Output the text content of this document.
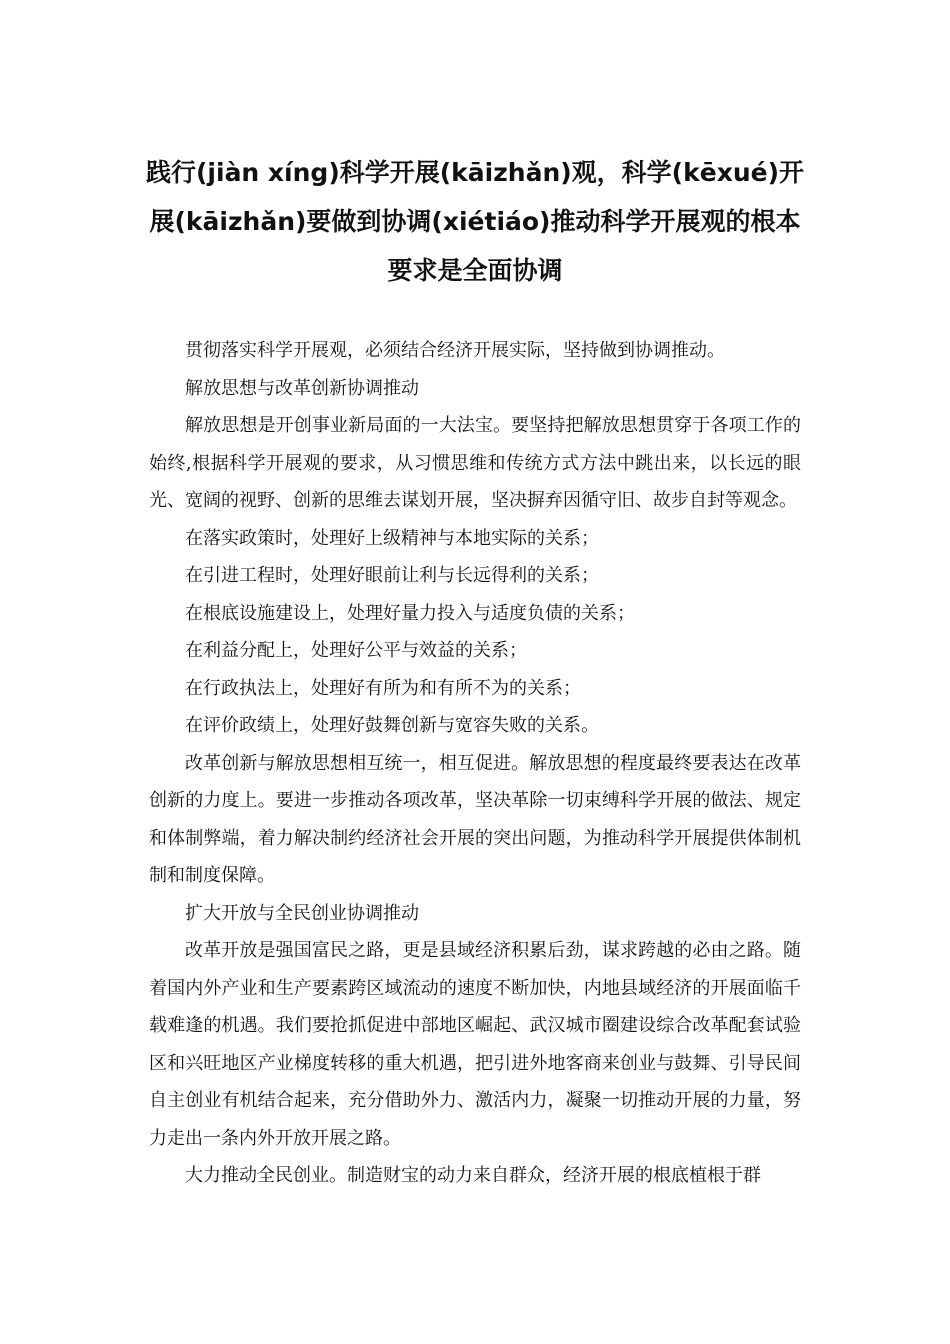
践行(jiàn xíng)科学开展(kāizhǎn)观，科学(kēxué)开展(kāizhǎn)要做到协调(xiétiáo)推动科学开展观的根本要求是全面协调

贯彻落实科学开展观，必须结合经济开展实际，坚持做到协调推动。

解放思想与改革创新协调推动

解放思想是开创事业新局面的一大法宝。要坚持把解放思想贯穿于各项工作的始终,根据科学开展观的要求，从习惯思维和传统方式方法中跳出来，以长远的眼光、宽阔的视野、创新的思维去谋划开展，坚决摒弃因循守旧、故步自封等观念。

在落实政策时，处理好上级精神与本地实际的关系；

在引进工程时，处理好眼前让利与长远得利的关系；

在根底设施建设上，处理好量力投入与适度负债的关系；

在利益分配上，处理好公平与效益的关系；

在行政执法上，处理好有所为和有所不为的关系；

在评价政绩上，处理好鼓舞创新与宽容失败的关系。

改革创新与解放思想相互统一，相互促进。解放思想的程度最终要表达在改革创新的力度上。要进一步推动各项改革，坚决革除一切束缚科学开展的做法、规定和体制弊端，着力解决制约经济社会开展的突出问题，为推动科学开展提供体制机制和制度保障。

扩大开放与全民创业协调推动

改革开放是强国富民之路，更是县域经济积累后劲，谋求跨越的必由之路。随着国内外产业和生产要素跨区域流动的速度不断加快，内地县域经济的开展面临千载难逢的机遇。我们要抢抓促进中部地区崛起、武汉城市圈建设综合改革配套试验区和兴旺地区产业梯度转移的重大机遇，把引进外地客商来创业与鼓舞、引导民间自主创业有机结合起来，充分借助外力、激活内力，凝聚一切推动开展的力量，努力走出一条内外开放开展之路。

大力推动全民创业。制造财宝的动力来自群众，经济开展的根底植根于群
